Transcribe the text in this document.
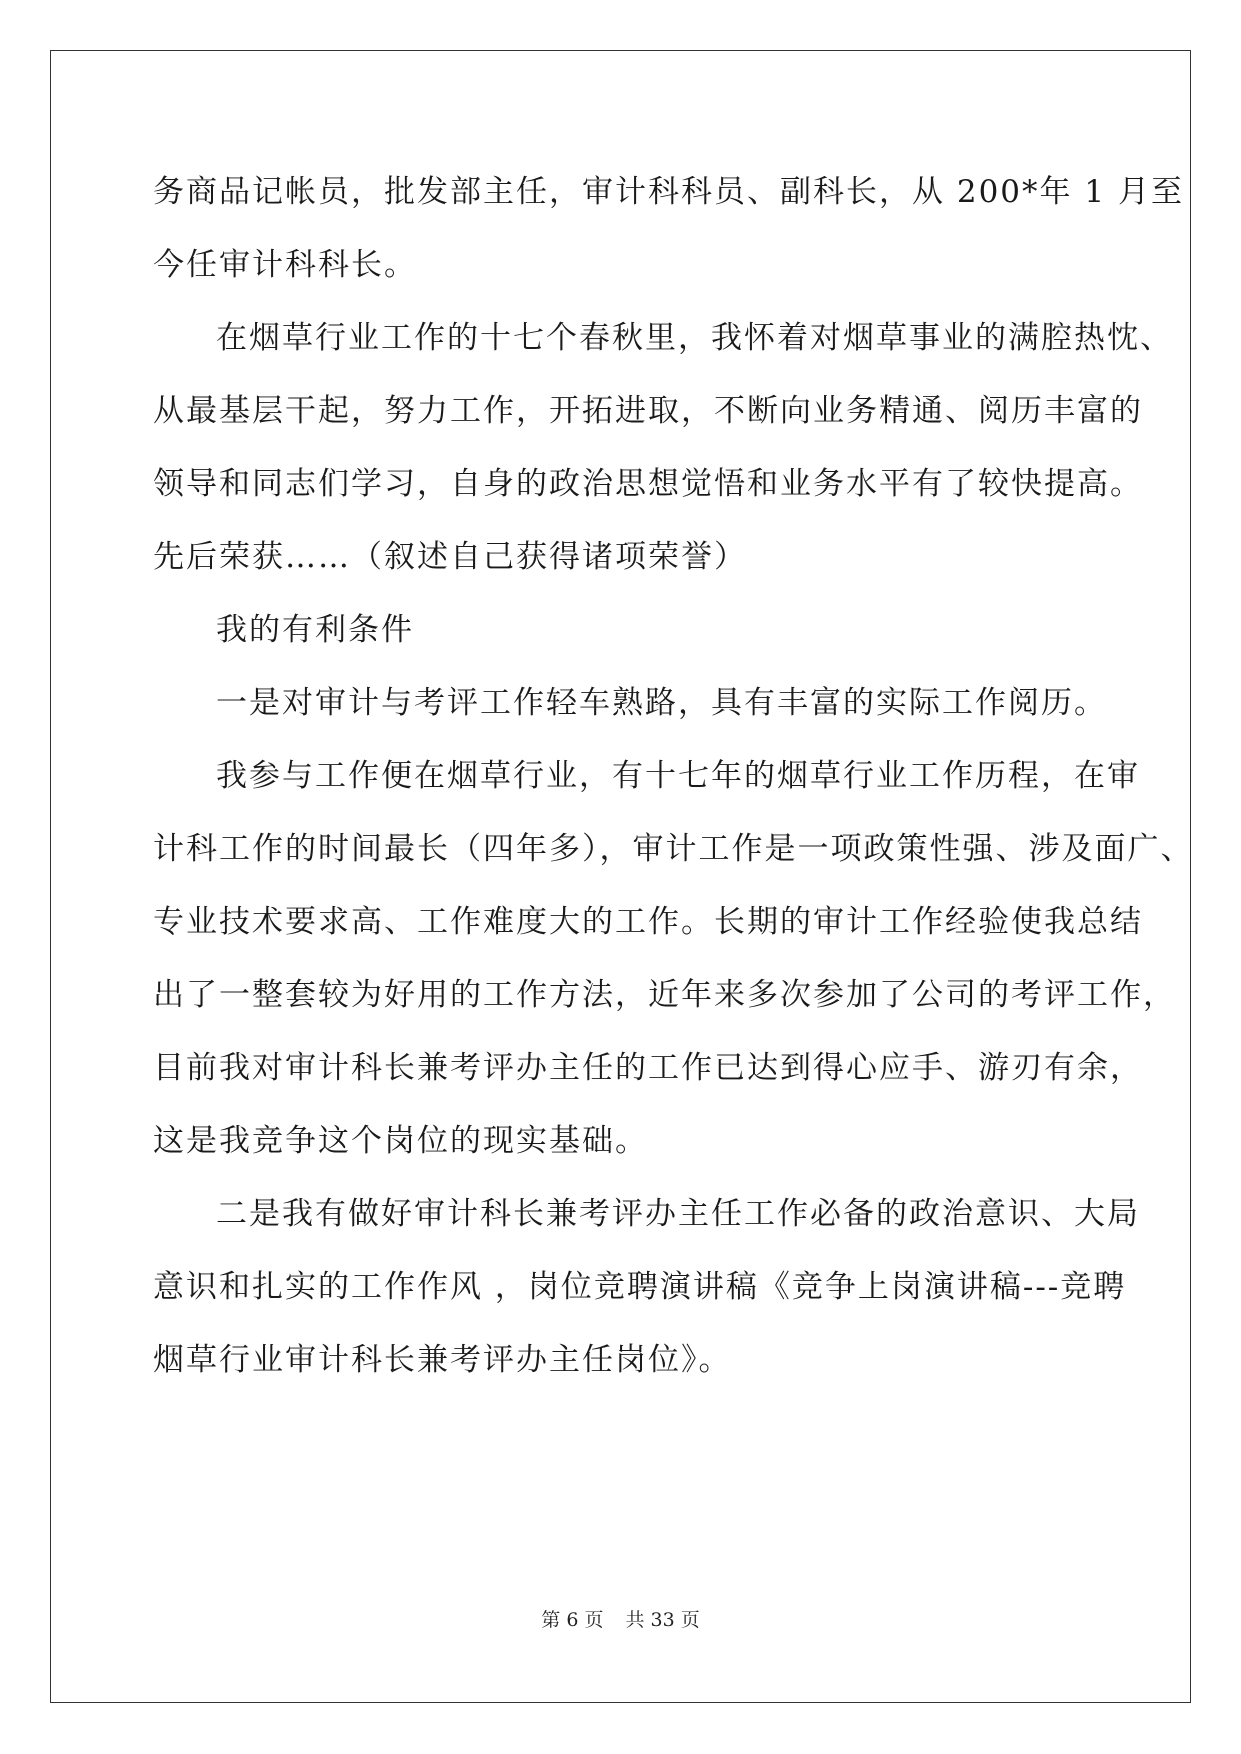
务商品记帐员，批发部主任，审计科科员、副科长，从 200*年 1 月至
今任审计科科长。
在烟草行业工作的十七个春秋里，我怀着对烟草事业的满腔热忱、
从最基层干起，努力工作，开拓进取，不断向业务精通、阅历丰富的
领导和同志们学习，自身的政治思想觉悟和业务水平有了较快提高。
先后荣获……（叙述自己获得诸项荣誉）
我的有利条件
一是对审计与考评工作轻车熟路，具有丰富的实际工作阅历。
我参与工作便在烟草行业，有十七年的烟草行业工作历程，在审
计科工作的时间最长（四年多），审计工作是一项政策性强、涉及面广、
专业技术要求高、工作难度大的工作。长期的审计工作经验使我总结
出了一整套较为好用的工作方法，近年来多次参加了公司的考评工作，
目前我对审计科长兼考评办主任的工作已达到得心应手、游刃有余，
这是我竞争这个岗位的现实基础。
二是我有做好审计科长兼考评办主任工作必备的政治意识、大局
意识和扎实的工作作风 ，岗位竞聘演讲稿《竞争上岗演讲稿---竞聘
烟草行业审计科长兼考评办主任岗位》。
第 6 页 共 33 页
